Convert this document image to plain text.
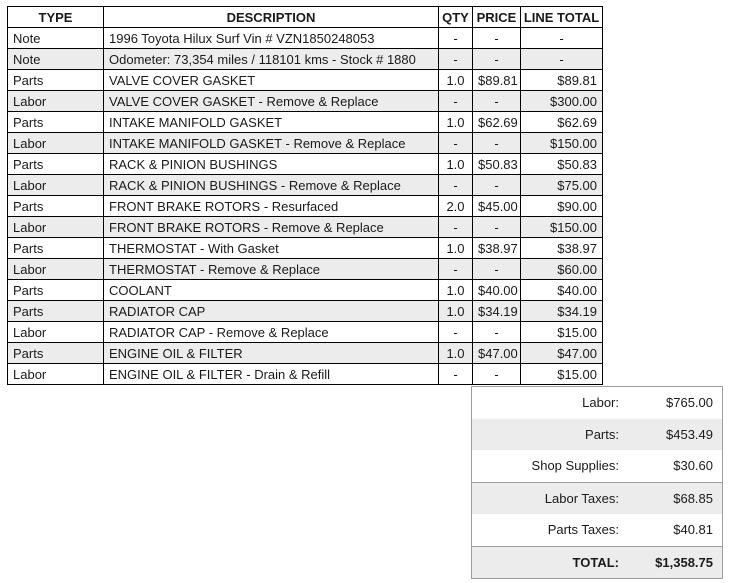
TYPE	DESCRIPTION	QTY	PRICE	LINE TOTAL
Note	1996 Toyota Hilux Surf Vin # VZN1850248053	-	-	-
Note	Odometer: 73,354 miles / 118101 kms - Stock # 1880	-	-	-
Parts	VALVE COVER GASKET	1.0	$89.81	$89.81
Labor	VALVE COVER GASKET - Remove & Replace	-	-	$300.00
Parts	INTAKE MANIFOLD GASKET	1.0	$62.69	$62.69
Labor	INTAKE MANIFOLD GASKET - Remove & Replace	-	-	$150.00
Parts	RACK & PINION BUSHINGS	1.0	$50.83	$50.83
Labor	RACK & PINION BUSHINGS - Remove & Replace	-	-	$75.00
Parts	FRONT BRAKE ROTORS - Resurfaced	2.0	$45.00	$90.00
Labor	FRONT BRAKE ROTORS - Remove & Replace	-	-	$150.00
Parts	THERMOSTAT - With Gasket	1.0	$38.97	$38.97
Labor	THERMOSTAT - Remove & Replace	-	-	$60.00
Parts	COOLANT	1.0	$40.00	$40.00
Parts	RADIATOR CAP	1.0	$34.19	$34.19
Labor	RADIATOR CAP - Remove & Replace	-	-	$15.00
Parts	ENGINE OIL & FILTER	1.0	$47.00	$47.00
Labor	ENGINE OIL & FILTER - Drain & Refill	-	-	$15.00
Labor:	$765.00
Parts:	$453.49
Shop Supplies:	$30.60
Labor Taxes:	$68.85
Parts Taxes:	$40.81
TOTAL:	$1,358.75
